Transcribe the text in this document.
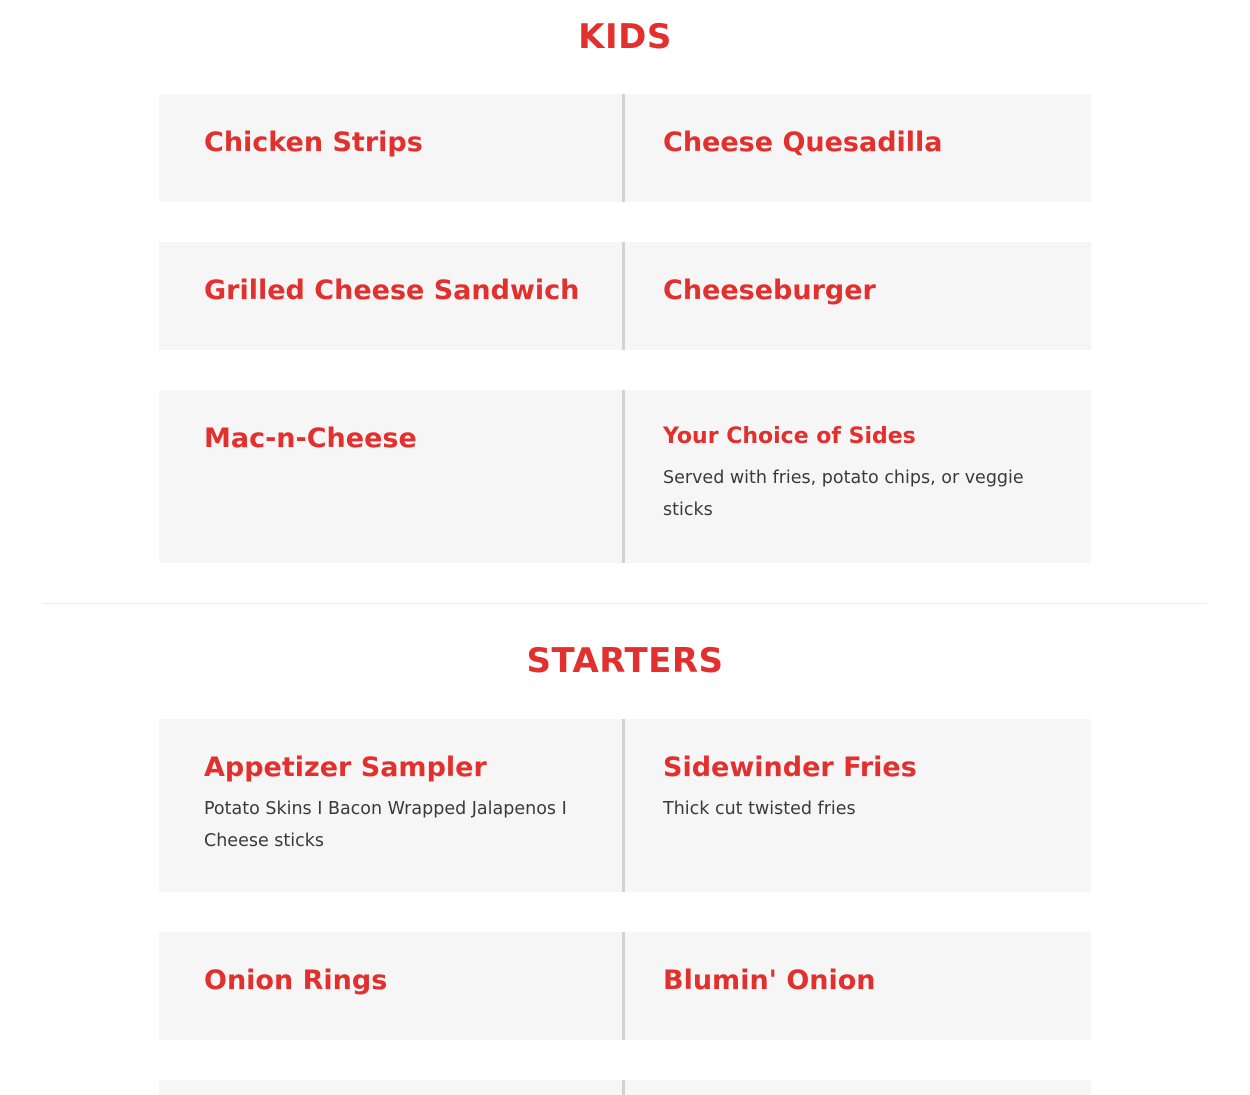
KIDS
Chicken Strips	Cheese Quesadilla
Grilled Cheese Sandwich	Cheeseburger
Mac-n-Cheese	Your Choice of Sides
Served with fries, potato chips, or veggie sticks
STARTERS
Appetizer Sampler
Potato Skins I Bacon Wrapped Jalapenos I Cheese sticks
Sidewinder Fries
Thick cut twisted fries
Onion Rings	Blumin' Onion
